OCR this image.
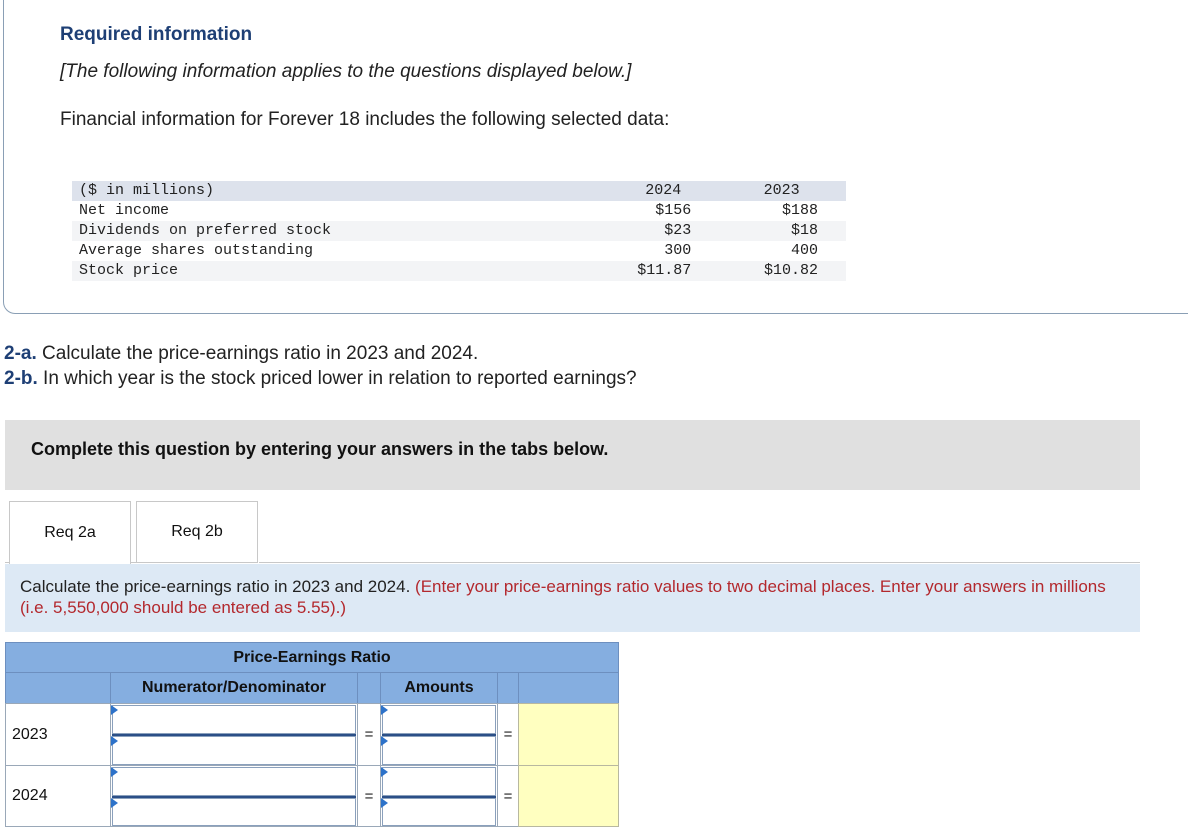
Required information
[The following information applies to the questions displayed below.]
Financial information for Forever 18 includes the following selected data:
($ in millions)	2024	2023
Net income	$156	$188
Dividends on preferred stock	$23	$18
Average shares outstanding	300	400
Stock price	$11.87	$10.82
2-a. Calculate the price-earnings ratio in 2023 and 2024.
2-b. In which year is the stock priced lower in relation to reported earnings?
Complete this question by entering your answers in the tabs below.
Req 2a	Req 2b
Calculate the price-earnings ratio in 2023 and 2024. (Enter your price-earnings ratio values to two decimal places. Enter your answers in millions (i.e. 5,550,000 should be entered as 5.55).)
Price-Earnings Ratio
Numerator/Denominator	Amounts
2023	=	=
2024	=	=
